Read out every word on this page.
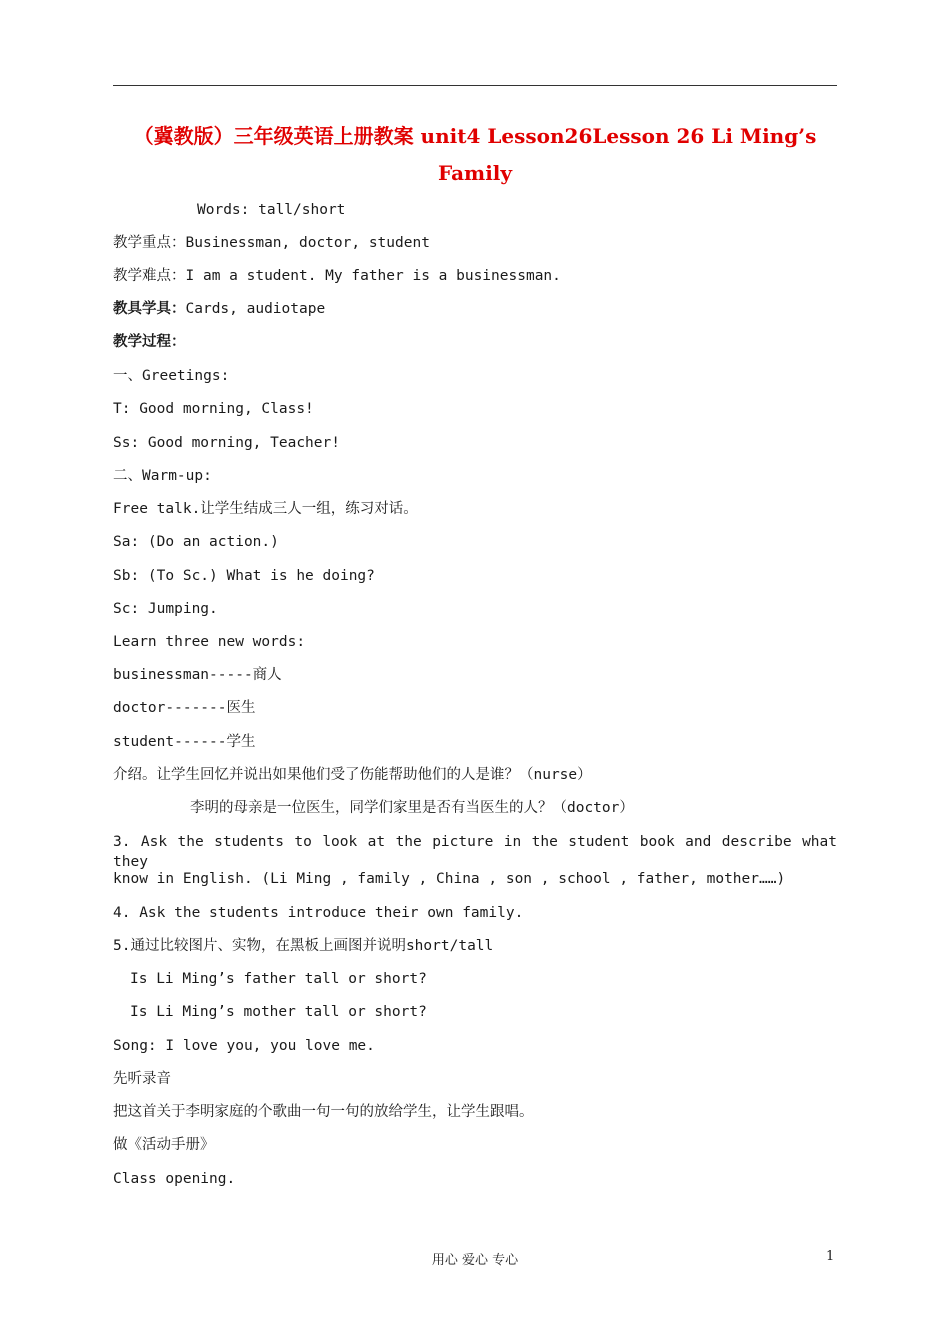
（冀教版）三年级英语上册教案 unit4 Lesson26Lesson 26 Li Ming’s
Family
Words: tall/short
教学重点：Businessman, doctor, student
教学难点：I am a student. My father is a businessman.
教具学具：Cards, audiotape
教学过程：
一、Greetings:
T: Good morning, Class!
Ss: Good morning, Teacher!
二、Warm-up:
Free talk.让学生结成三人一组，练习对话。
Sa: (Do an action.)
Sb: (To Sc.) What is he doing?
Sc: Jumping.
Learn three new words:
businessman-----商人
doctor-------医生
student------学生
介绍。让学生回忆并说出如果他们受了伤能帮助他们的人是谁？（nurse）
李明的母亲是一位医生，同学们家里是否有当医生的人？（doctor）
3. Ask the students to look at the picture in the student book and describe what they
know in English. (Li Ming , family , China , son , school , father, mother……)
4. Ask the students introduce their own family.
5.通过比较图片、实物，在黑板上画图并说明short/tall
Is Li Ming’s father tall or short?
Is Li Ming’s mother tall or short?
Song: I love you, you love me.
先听录音
把这首关于李明家庭的个歌曲一句一句的放给学生，让学生跟唱。
做《活动手册》
Class opening.
用心 爱心 专心	1
